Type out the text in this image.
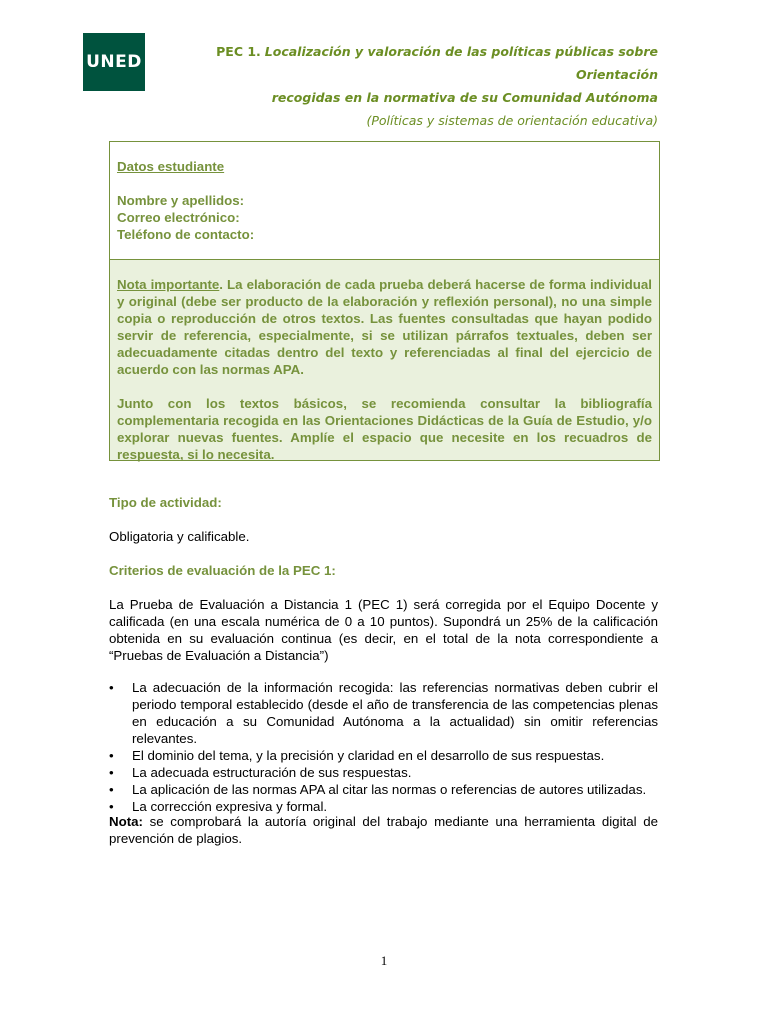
UNED
PEC 1. Localización y valoración de las políticas públicas sobre Orientación
recogidas en la normativa de su Comunidad Autónoma
(Políticas y sistemas de orientación educativa)
Datos estudiante
Nombre y apellidos:
Correo electrónico:
Teléfono de contacto:
Nota importante. La elaboración de cada prueba deberá hacerse de forma individual y original (debe ser producto de la elaboración y reflexión personal), no una simple copia o reproducción de otros textos. Las fuentes consultadas que hayan podido servir de referencia, especialmente, si se utilizan párrafos textuales, deben ser adecuadamente citadas dentro del texto y referenciadas al final del ejercicio de acuerdo con las normas APA.
Junto con los textos básicos, se recomienda consultar la bibliografía complementaria recogida en las Orientaciones Didácticas de la Guía de Estudio, y/o explorar nuevas fuentes. Amplíe el espacio que necesite en los recuadros de respuesta, si lo necesita.
Tipo de actividad:
Obligatoria y calificable.
Criterios de evaluación de la PEC 1:
La Prueba de Evaluación a Distancia 1 (PEC 1) será corregida por el Equipo Docente y calificada (en una escala numérica de 0 a 10 puntos). Supondrá un 25% de la calificación obtenida en su evaluación continua (es decir, en el total de la nota correspondiente a “Pruebas de Evaluación a Distancia”)
• La adecuación de la información recogida: las referencias normativas deben cubrir el periodo temporal establecido (desde el año de transferencia de las competencias plenas en educación a su Comunidad Autónoma a la actualidad) sin omitir referencias relevantes.
• El dominio del tema, y la precisión y claridad en el desarrollo de sus respuestas.
• La adecuada estructuración de sus respuestas.
• La aplicación de las normas APA al citar las normas o referencias de autores utilizadas.
• La corrección expresiva y formal.
Nota: se comprobará la autoría original del trabajo mediante una herramienta digital de prevención de plagios.
1
